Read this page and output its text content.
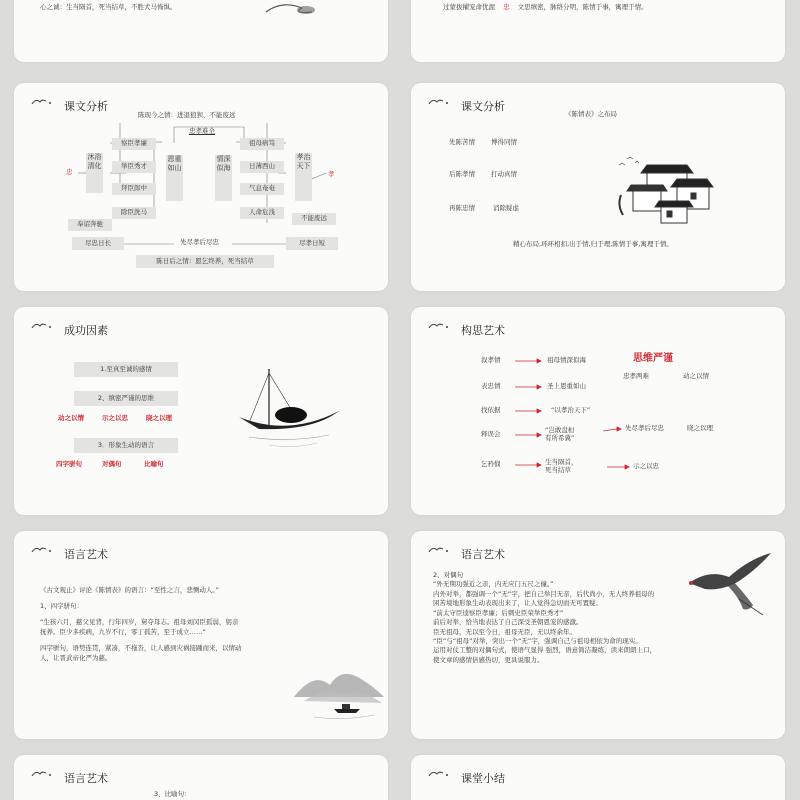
心之诚：生当陨首，死当结草，不胜犬马怖惧。	过蒙拔擢宠命优渥 忠 文思缜密，脉络分明，陈情于事，寓理于情。
课文分析
陈现今之情：进退狼狈，不能废远
忠孝难全
忠
沐浴清化
察臣孝廉
举臣秀才
拜臣郎中
除臣洗马
恩重如山
情深似海
祖母病笃
日薄西山
气息奄奄
人命危浅
孝治天下
孝
奉诏奔驰
不能废远
尽忠日长	先尽孝后尽忠	尽孝日短
陈日后之情：愿乞终养，死当结草
课文分析
《陈情表》之布局
先陈苦情 博得同情
后陈孝情 打动真情
再陈忠情	消除疑虑
精心布局,环环相扣,出于情,归于理,陈情于事,寓理于情。
成功因素
1.至真至诚的感情
2、缜密严谨的思维
动之以情	示之以忠	晓之以理
3．形象生动的语言
四字骈句	对偶句	比喻句
构思艺术
叙孝情
表忠情
找依据
释误会
乞矜悯
祖母情深似海
圣上恩重如山
“以孝治天下”
“岂敢盘桓
有所希冀”
生当陨首，
死当结草
思维严谨
忠孝两难	动之以情
先尽孝后尽忠	晓之以理
示之以忠
语言艺术
《古文观止》评论《陈情表》的语言：“至性之言，悲恻动人。”
1、四字骈句：
“生孩六月，慈父见背，行年四岁，舅夺母志。祖母刘闵臣孤弱，躬亲
抚养。臣少多疾病，九岁不行，零丁孤苦，至于成立……”
四字骈句，语势连贯，紧凑，不拖沓，让人感到灾祸接踵而来，以情动
人，让晋武帝化严为慈。
语言艺术
2、对偶句
“外无期功强近之亲，内无应门五尺之僮。”
内外对举，都强调一个“无”字，把自己举目无亲，后代尚小，无人终养祖母的
困苦境地形象生动表现出来了，让人觉得急切而无可置疑。
“前太守臣逵察臣孝廉；后刺史臣荣举臣秀才”
前后对举，恰当地表达了自己深受圣朝恩宠的感激。
臣无祖母，无以至今日，祖母无臣，无以终余年。
“臣”与“祖母”对举，突出一个“无”字，强调自己与祖母相依为命的现实。
运用对仗工整的对偶句式，使语气显得 强烈，语意简洁凝练，读来朗朗上口，
使文章的感情倍感热切，更具说服力。
语言艺术
3、比喻句：
课堂小结
